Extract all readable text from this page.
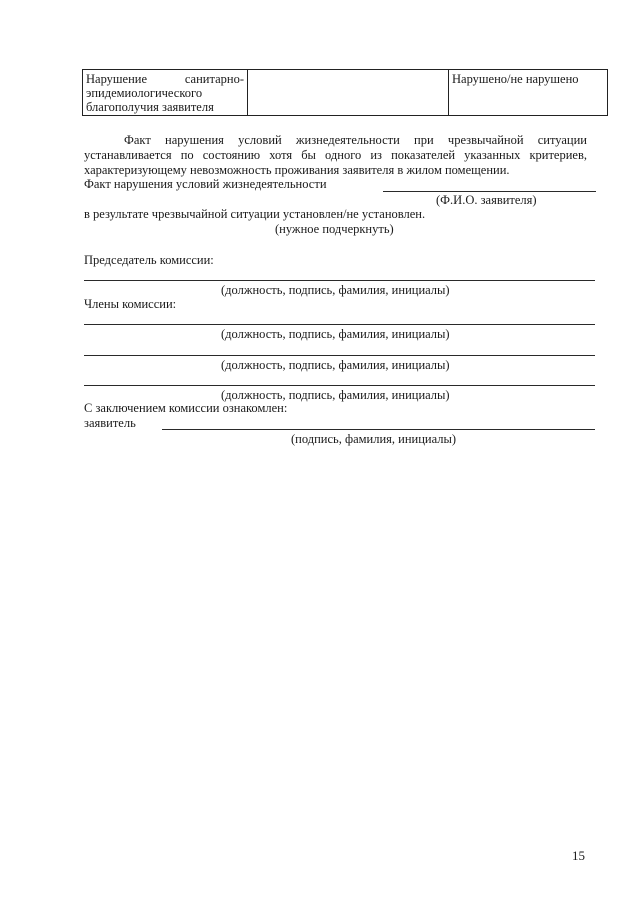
Нарушение	санитарно-
эпидемиологического
благополучия заявителя
Нарушено/не нарушено
Факт нарушения условий жизнедеятельности при чрезвычайной ситуации
устанавливается по состоянию хотя бы одного из показателей указанных критериев,
характеризующему невозможность проживания заявителя в жилом помещении.
Факт нарушения условий жизнедеятельности
(Ф.И.О. заявителя)
в результате чрезвычайной ситуации установлен/не установлен.
(нужное подчеркнуть)
Председатель комиссии:
(должность, подпись, фамилия, инициалы)
Члены комиссии:
(должность, подпись, фамилия, инициалы)
(должность, подпись, фамилия, инициалы)
(должность, подпись, фамилия, инициалы)
С заключением комиссии ознакомлен:
заявитель
(подпись, фамилия, инициалы)
15
